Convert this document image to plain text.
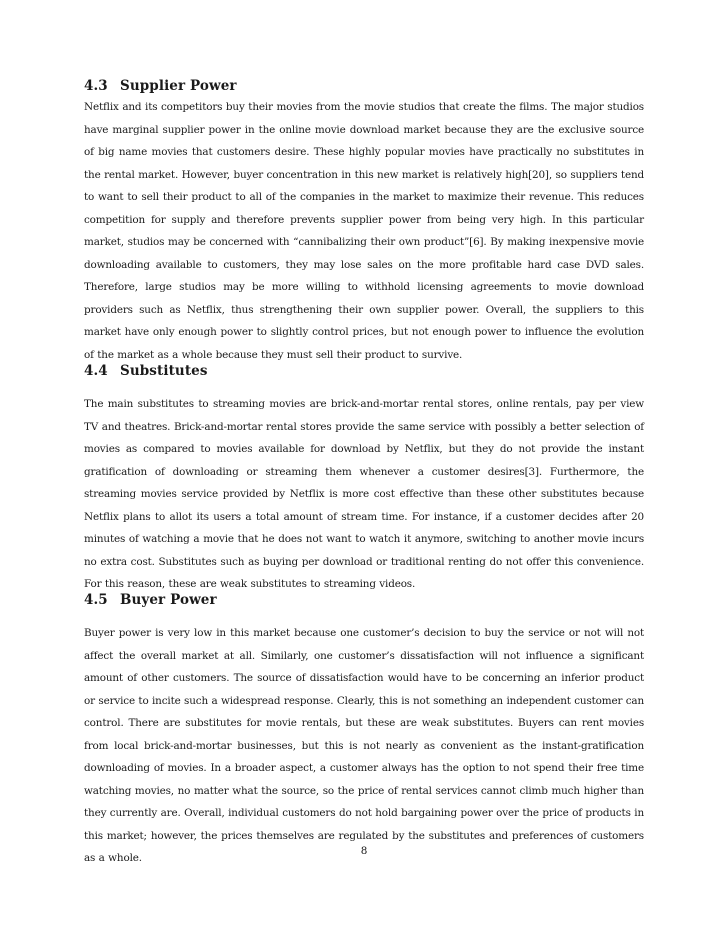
4.3 Supplier Power

Netflix and its competitors buy their movies from the movie studios that create the films. The major studios have marginal supplier power in the online movie download market because they are the exclusive source of big name movies that customers desire. These highly popular movies have practically no substitutes in the rental market. However, buyer concentration in this new market is relatively high[20], so suppliers tend to want to sell their product to all of the companies in the market to maximize their revenue. This reduces competition for supply and therefore prevents supplier power from being very high. In this particular market, studios may be concerned with “cannibalizing their own product”[6]. By making inexpensive movie downloading available to customers, they may lose sales on the more profitable hard case DVD sales. Therefore, large studios may be more willing to withhold licensing agreements to movie download providers such as Netflix, thus strengthening their own supplier power. Overall, the suppliers to this market have only enough power to slightly control prices, but not enough power to influence the evolution of the market as a whole because they must sell their product to survive.

4.4 Substitutes

The main substitutes to streaming movies are brick-and-mortar rental stores, online rentals, pay per view TV and theatres. Brick-and-mortar rental stores provide the same service with possibly a better selection of movies as compared to movies available for download by Netflix, but they do not provide the instant gratification of downloading or streaming them whenever a customer desires[3]. Furthermore, the streaming movies service provided by Netflix is more cost effective than these other substitutes because Netflix plans to allot its users a total amount of stream time. For instance, if a customer decides after 20 minutes of watching a movie that he does not want to watch it anymore, switching to another movie incurs no extra cost. Substitutes such as buying per download or traditional renting do not offer this convenience. For this reason, these are weak substitutes to streaming videos.

4.5 Buyer Power

Buyer power is very low in this market because one customer’s decision to buy the service or not will not affect the overall market at all. Similarly, one customer’s dissatisfaction will not influence a significant amount of other customers. The source of dissatisfaction would have to be concerning an inferior product or service to incite such a widespread response. Clearly, this is not something an independent customer can control. There are substitutes for movie rentals, but these are weak substitutes. Buyers can rent movies from local brick-and-mortar businesses, but this is not nearly as convenient as the instant-gratification downloading of movies. In a broader aspect, a customer always has the option to not spend their free time watching movies, no matter what the source, so the price of rental services cannot climb much higher than they currently are. Overall, individual customers do not hold bargaining power over the price of products in this market; however, the prices themselves are regulated by the substitutes and preferences of customers as a whole.

8
